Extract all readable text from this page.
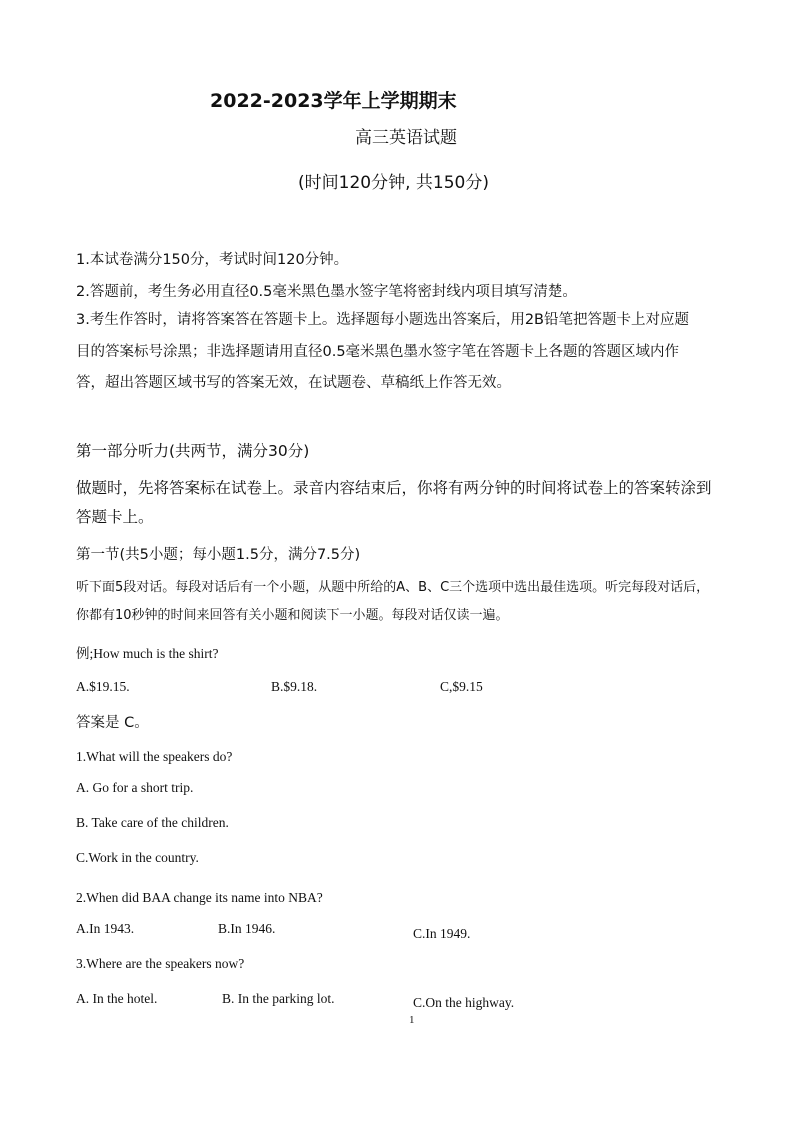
2022-2023学年上学期期末
高三英语试题
(时间120分钟, 共150分)
1.本试卷满分150分，考试时间120分钟。
2.答题前，考生务必用直径0.5毫米黑色墨水签字笔将密封线内项目填写清楚。
3.考生作答时，请将答案答在答题卡上。选择题每小题选出答案后，用2B铅笔把答题卡上对应题
目的答案标号涂黑；非选择题请用直径0.5毫米黑色墨水签字笔在答题卡上各题的答题区域内作
答，超出答题区域书写的答案无效，在试题卷、草稿纸上作答无效。
第一部分听力(共两节，满分30分)
做题时，先将答案标在试卷上。录音内容结束后，你将有两分钟的时间将试卷上的答案转涂到
答题卡上。
第一节(共5小题；每小题1.5分，满分7.5分)
听下面5段对话。每段对话后有一个小题，从题中所给的A、B、C三个选项中选出最佳选项。听完每段对话后，
你都有10秒钟的时间来回答有关小题和阅读下一小题。每段对话仅读一遍。
例;How much is the shirt?
A.$19.15.	B.$9.18.	C,$9.15
答案是 C。
1.What will the speakers do?
A. Go for a short trip.
B. Take care of the children.
C.Work in the country.
2.When did BAA change its name into NBA?
A.In 1943.	B.In 1946.	C.In 1949.
3.Where are the speakers now?
A. In the hotel.	B. In the parking lot.	C.On the highway.
1
